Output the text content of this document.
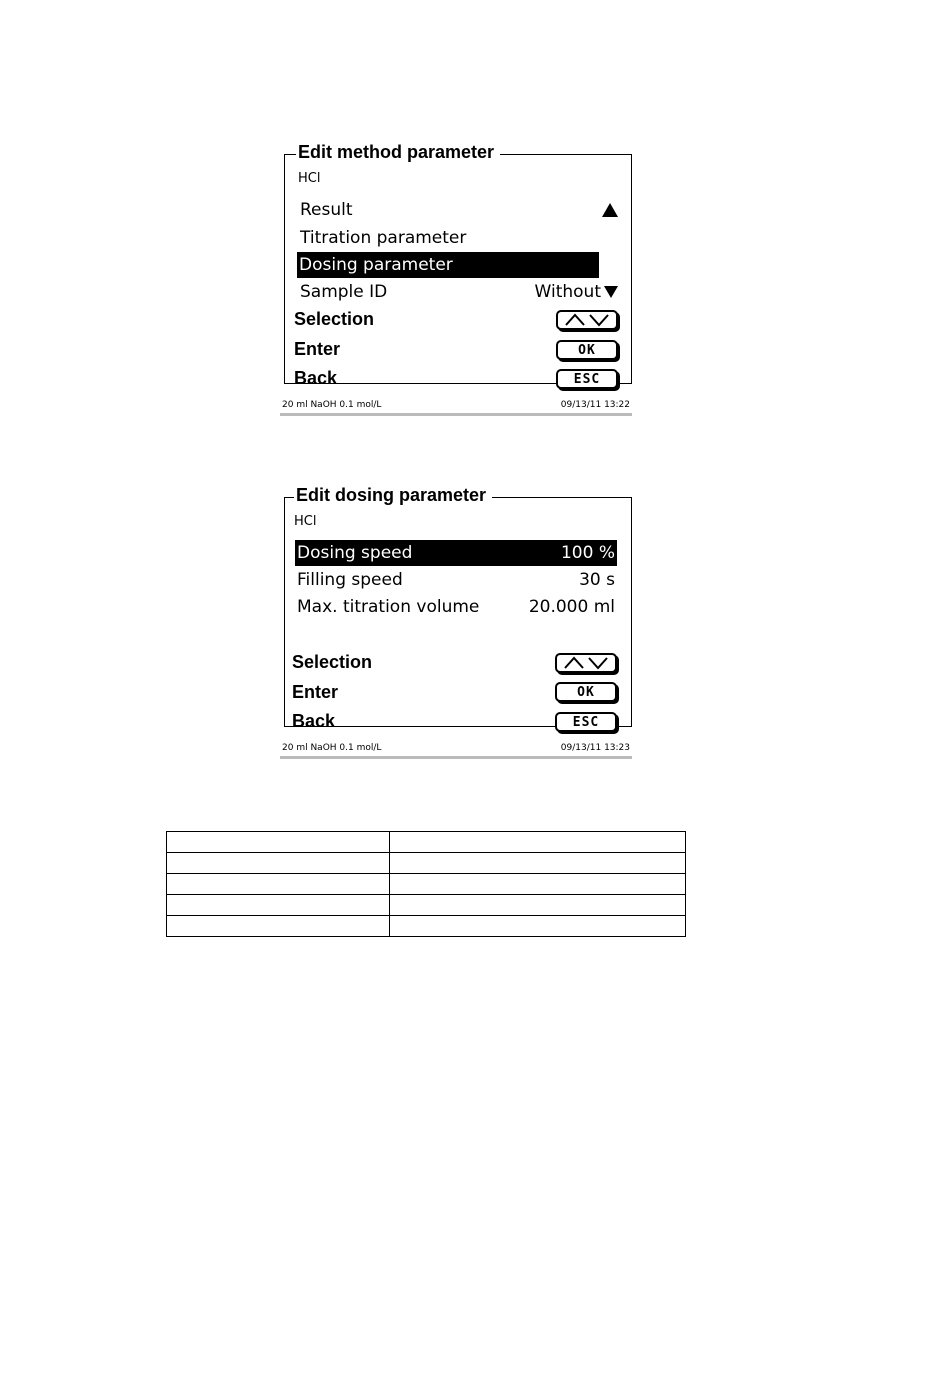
Edit method parameter
HCl
Result
Titration parameter
Dosing parameter
Sample ID	Without
Selection
Enter	OK
Back	ESC
20 ml NaOH 0.1 mol/L	09/13/11 13:22
Edit dosing parameter
HCl
Dosing speed	100 %
Filling speed	30 s
Max. titration volume	20.000 ml
Selection
Enter	OK
Back	ESC
20 ml NaOH 0.1 mol/L	09/13/11 13:23
